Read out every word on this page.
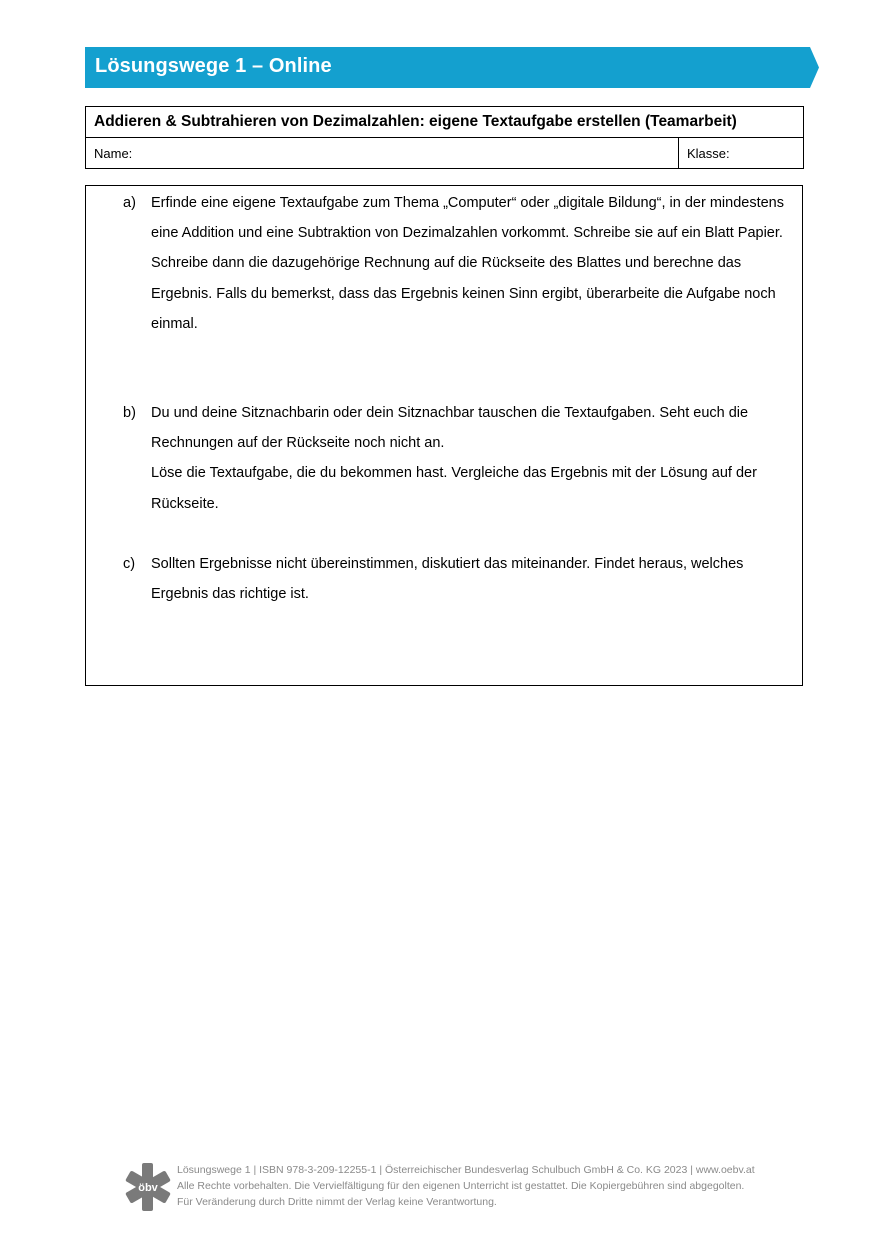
Lösungswege 1 – Online
Addieren & Subtrahieren von Dezimalzahlen: eigene Textaufgabe erstellen (Teamarbeit)
Name:	Klasse:
a) Erfinde eine eigene Textaufgabe zum Thema „Computer“ oder „digitale Bildung“, in der mindestens eine Addition und eine Subtraktion von Dezimalzahlen vorkommt. Schreibe sie auf ein Blatt Papier.

Schreibe dann die dazugehörige Rechnung auf die Rückseite des Blattes und berechne das Ergebnis. Falls du bemerkst, dass das Ergebnis keinen Sinn ergibt, überarbeite die Aufgabe noch einmal.

b) Du und deine Sitznachbarin oder dein Sitznachbar tauschen die Textaufgaben. Seht euch die Rechnungen auf der Rückseite noch nicht an.

Löse die Textaufgabe, die du bekommen hast. Vergleiche das Ergebnis mit der Lösung auf der Rückseite.

c) Sollten Ergebnisse nicht übereinstimmen, diskutiert das miteinander. Findet heraus, welches Ergebnis das richtige ist.

öbv
Lösungswege 1 | ISBN 978-3-209-12255-1 | Österreichischer Bundesverlag Schulbuch GmbH & Co. KG 2023 | www.oebv.at
Alle Rechte vorbehalten. Die Vervielfältigung für den eigenen Unterricht ist gestattet. Die Kopiergebühren sind abgegolten.
Für Veränderung durch Dritte nimmt der Verlag keine Verantwortung.
